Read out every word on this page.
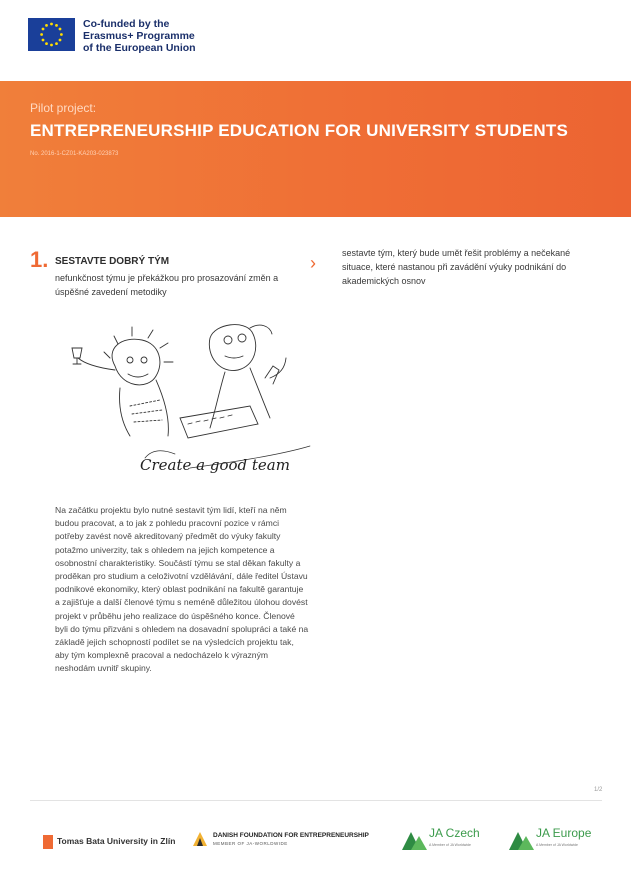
Co-funded by the
Erasmus+ Programme
of the European Union
Pilot project:
ENTREPRENEURSHIP EDUCATION FOR UNIVERSITY STUDENTS
No. 2016-1-CZ01-KA203-023873
1. SESTAVTE DOBRÝ TÝM
nefunkčnost týmu je překážkou pro prosazování změn a úspěšné zavedení metodiky
›	sestavte tým, který bude umět řešit problémy a nečekané situace, které nastanou při zavádění výuky podnikání do akademických osnov
Create a good team
Na začátku projektu bylo nutné sestavit tým lidí, kteří na něm budou pracovat, a to jak z pohledu pracovní pozice v rámci potřeby zavést nově akreditovaný předmět do výuky fakulty potažmo univerzity, tak s ohledem na jejich kompetence a osobnostní charakteristiky. Součástí týmu se stal děkan fakulty a proděkan pro studium a celoživotní vzdělávání, dále ředitel Ústavu podnikové ekonomiky, který oblast podnikání na fakultě garantuje a zajišťuje a další členové týmu s neméně důležitou úlohou dovést projekt v průběhu jeho realizace do úspěšného konce. Členové byli do týmu přizváni s ohledem na dosavadní spolupráci a také na základě jejich schopností podílet se na výsledcích projektu tak, aby tým komplexně pracoval a nedocházelo k výrazným neshodám uvnitř skupiny.
1/2
Tomas Bata University in Zlín
DANISH FOUNDATION FOR ENTREPRENEURSHIP
MEMBER OF JA-WORLDWIDE
JA Czech
A Member of JA Worldwide
JA Europe
A Member of JA Worldwide
